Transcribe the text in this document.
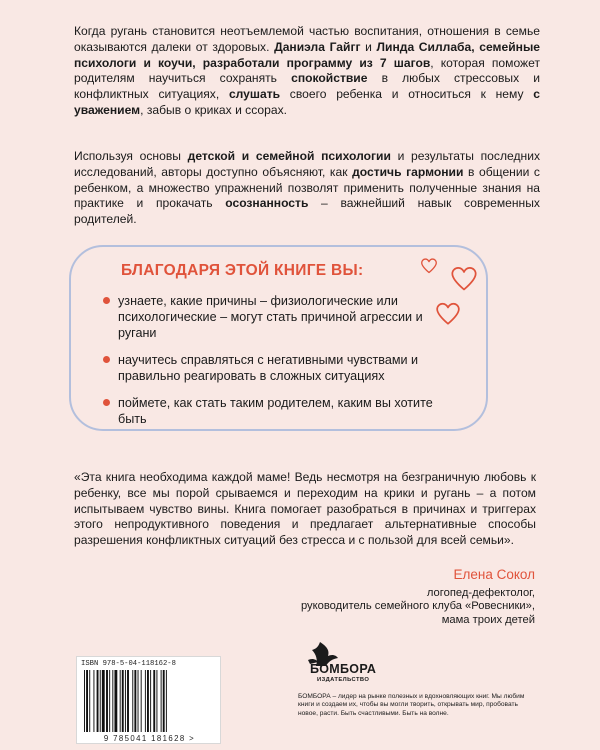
Когда ругань становится неотъемлемой частью воспитания, отношения в семье оказываются далеки от здоровых. Даниэла Гайгг и Линда Силлаба, семейные психологи и коучи, разработали программу из 7 шагов, которая поможет родителям научиться сохранять спокойствие в любых стрессовых и конфликтных ситуациях, слушать своего ребенка и относиться к нему с уважением, забыв о криках и ссорах.

Используя основы детской и семейной психологии и результаты последних исследований, авторы доступно объясняют, как достичь гармонии в общении с ребенком, а множество упражнений позволят применить полученные знания на практике и прокачать осознанность – важнейший навык современных родителей.

БЛАГОДАРЯ ЭТОЙ КНИГЕ ВЫ:

узнаете, какие причины – физиологические или психологические – могут стать причиной агрессии и ругани

научитесь справляться с негативными чувствами и правильно реагировать в сложных ситуациях

поймете, как стать таким родителем, каким вы хотите быть

«Эта книга необходима каждой маме! Ведь несмотря на безграничную любовь к ребенку, все мы порой срываемся и переходим на крики и ругань – а потом испытываем чувство вины. Книга помогает разобраться в причинах и триггерах этого непродуктивного поведения и предлагает альтернативные способы разрешения конфликтных ситуаций без стресса и с пользой для всей семьи».

Елена Сокол

логопед-дефектолог,

руководитель семейного клуба «Ровесники»,

мама троих детей

ISBN 978-5-04-118162-8
9 785041 181628 >

БОМБОРА

ИЗДАТЕЛЬСТВО

БОМБОРА – лидер на рынке полезных и вдохновляющих книг. Мы любим книги и создаем их, чтобы вы могли творить, открывать мир, пробовать новое, расти. Быть счастливыми. Быть на волне.
